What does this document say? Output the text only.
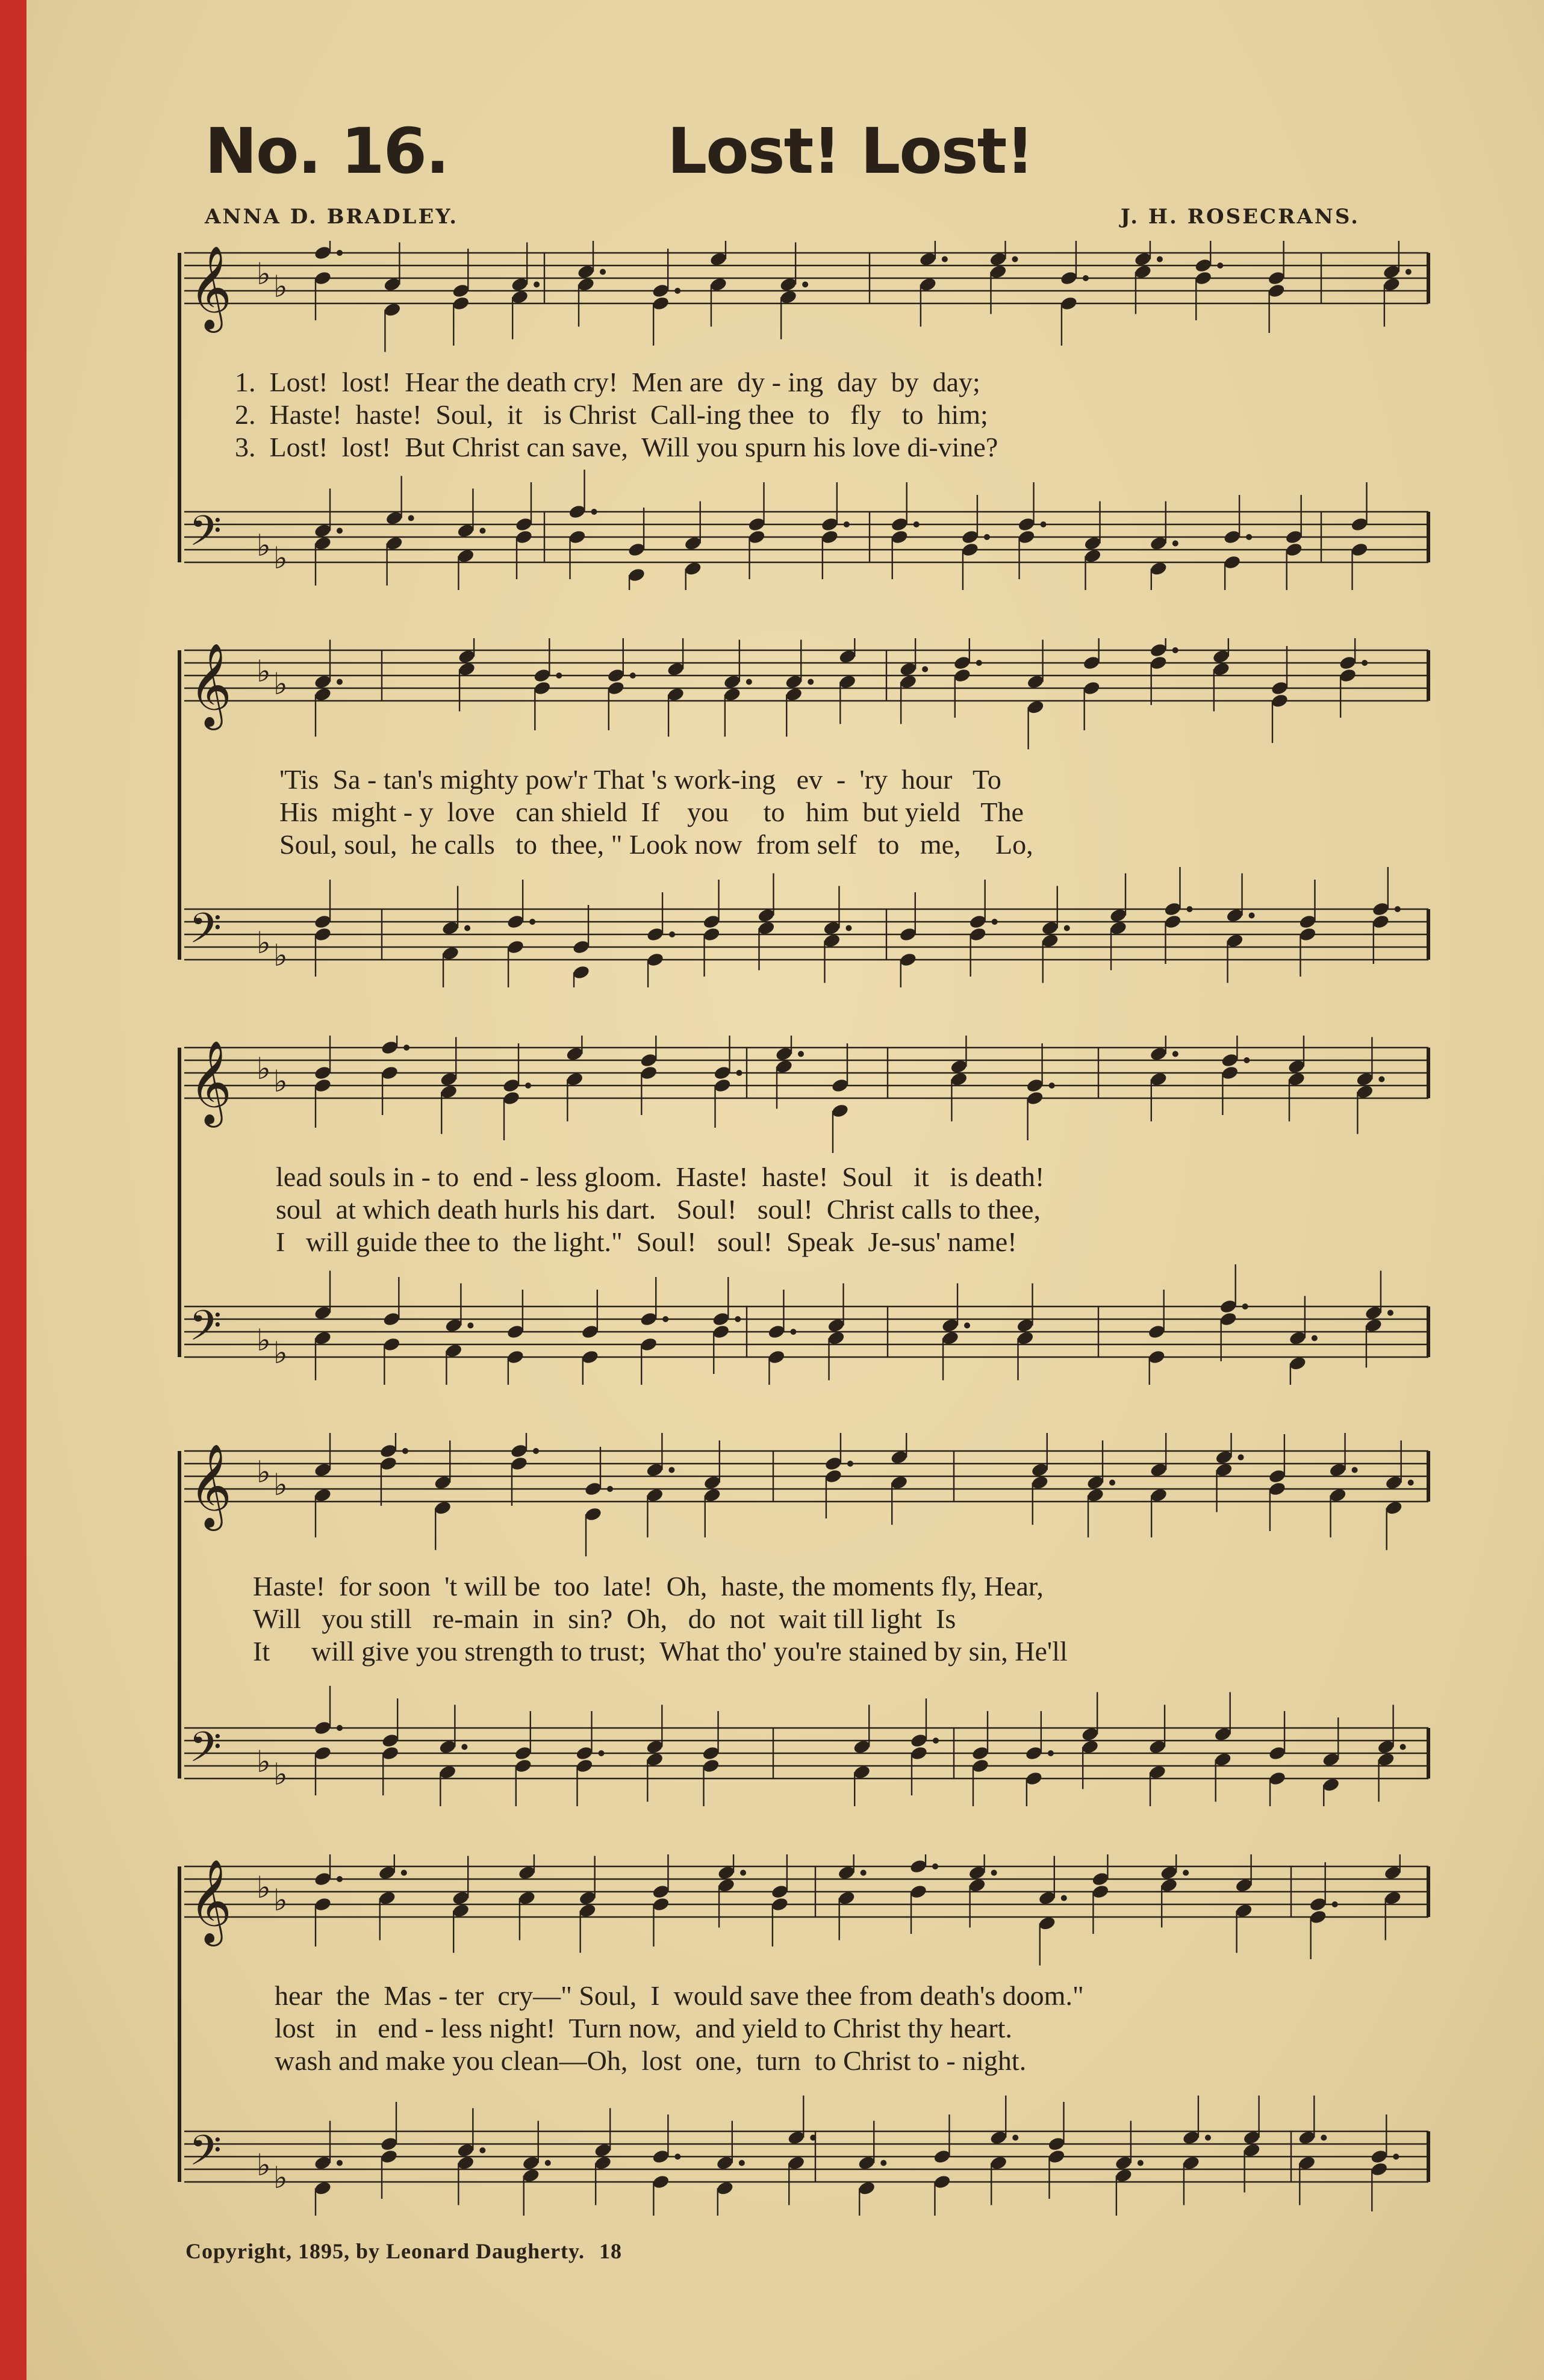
No. 16.	Lost! Lost!
ANNA D. BRADLEY.	J. H. ROSECRANS.
𝄞 ♭ ♭
𝄢 ♭ ♭
1.  Lost!  lost!  Hear the death cry!  Men are  dy - ing  day  by  day;
2.  Haste!  haste!  Soul,  it   is Christ  Call-ing thee  to   fly   to  him;
3.  Lost!  lost!  But Christ can save,  Will you spurn his love di-vine?
𝄞 ♭ ♭
𝄢 ♭ ♭
'Tis  Sa - tan's mighty pow'r That 's work-ing   ev  -  'ry  hour   To
His  might - y  love   can shield  If    you     to   him  but yield   The
Soul, soul,  he calls   to  thee, " Look now  from self   to   me,     Lo,
𝄞 ♭ ♭
𝄢 ♭ ♭
lead souls in - to  end - less gloom.  Haste!  haste!  Soul   it   is death!
soul  at which death hurls his dart.   Soul!   soul!  Christ calls to thee,
I   will guide thee to  the light."  Soul!   soul!  Speak  Je-sus' name!
𝄞 ♭ ♭
𝄢 ♭ ♭
Haste!  for soon  't will be  too  late!  Oh,  haste, the moments fly, Hear,
Will   you still   re-main  in  sin?  Oh,   do  not  wait till light  Is
It      will give you strength to trust;  What tho' you're stained by sin, He'll
𝄞 ♭ ♭
𝄢 ♭ ♭
hear  the  Mas - ter  cry—" Soul,  I  would save thee from death's doom."
lost   in   end - less night!  Turn now,  and yield to Christ thy heart.
wash and make you clean—Oh,  lost  one,  turn  to Christ to - night.
Copyright, 1895, by Leonard Daugherty. 18
